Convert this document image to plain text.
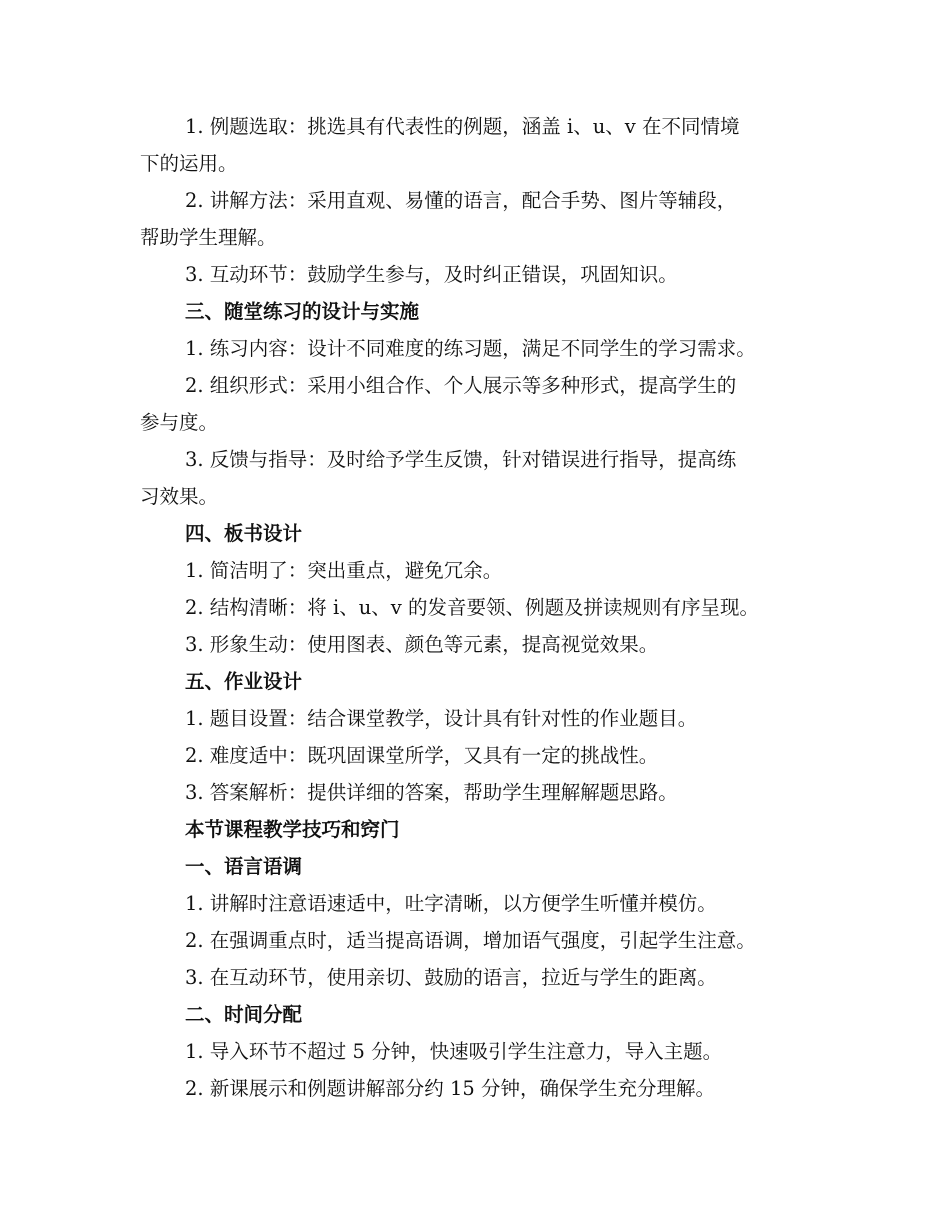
1. 例题选取：挑选具有代表性的例题，涵盖 i、u、v 在不同情境
下的运用。
2. 讲解方法：采用直观、易懂的语言，配合手势、图片等辅段，
帮助学生理解。
3. 互动环节：鼓励学生参与，及时纠正错误，巩固知识。
三、随堂练习的设计与实施
1. 练习内容：设计不同难度的练习题，满足不同学生的学习需求。
2. 组织形式：采用小组合作、个人展示等多种形式，提高学生的
参与度。
3. 反馈与指导：及时给予学生反馈，针对错误进行指导，提高练
习效果。
四、板书设计
1. 简洁明了：突出重点，避免冗余。
2. 结构清晰：将 i、u、v 的发音要领、例题及拼读规则有序呈现。
3. 形象生动：使用图表、颜色等元素，提高视觉效果。
五、作业设计
1. 题目设置：结合课堂教学，设计具有针对性的作业题目。
2. 难度适中：既巩固课堂所学，又具有一定的挑战性。
3. 答案解析：提供详细的答案，帮助学生理解解题思路。
本节课程教学技巧和窍门
一、语言语调
1. 讲解时注意语速适中，吐字清晰，以方便学生听懂并模仿。
2. 在强调重点时，适当提高语调，增加语气强度，引起学生注意。
3. 在互动环节，使用亲切、鼓励的语言，拉近与学生的距离。
二、时间分配
1. 导入环节不超过 5 分钟，快速吸引学生注意力，导入主题。
2. 新课展示和例题讲解部分约 15 分钟，确保学生充分理解。
